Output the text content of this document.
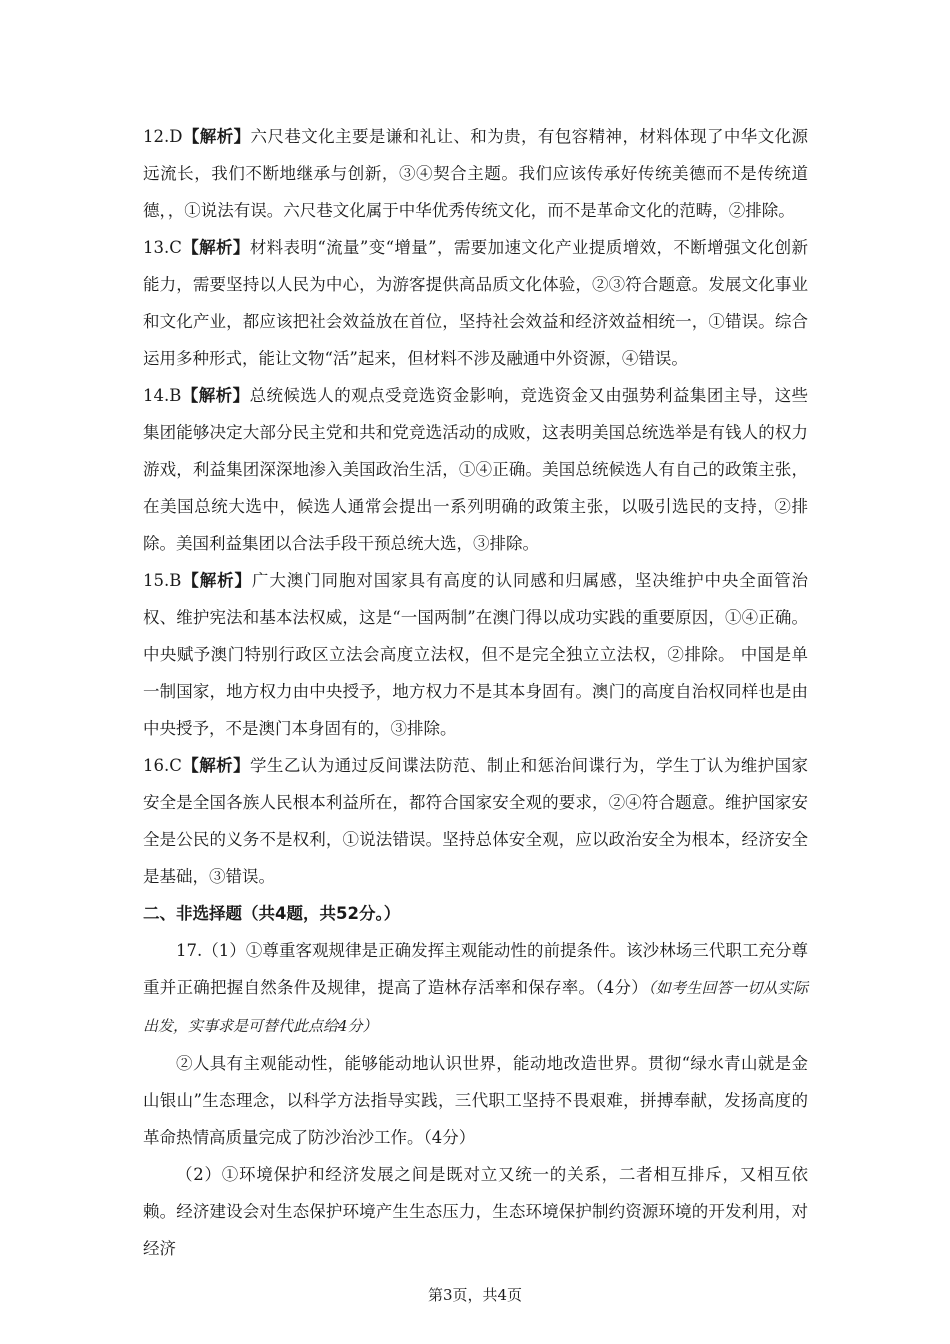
12.D【解析】六尺巷文化主要是谦和礼让、和为贵，有包容精神，材料体现了中华文化源远流长，我们不断地继承与创新，③④契合主题。我们应该传承好传统美德而不是传统道德，，①说法有误。六尺巷文化属于中华优秀传统文化，而不是革命文化的范畴，②排除。

13.C【解析】材料表明“流量”变“增量”，需要加速文化产业提质增效，不断增强文化创新能力，需要坚持以人民为中心，为游客提供高品质文化体验，②③符合题意。发展文化事业和文化产业，都应该把社会效益放在首位，坚持社会效益和经济效益相统一，①错误。综合运用多种形式，能让文物“活”起来，但材料不涉及融通中外资源，④错误。

14.B【解析】总统候选人的观点受竞选资金影响，竞选资金又由强势利益集团主导，这些集团能够决定大部分民主党和共和党竞选活动的成败，这表明美国总统选举是有钱人的权力游戏，利益集团深深地渗入美国政治生活，①④正确。美国总统候选人有自己的政策主张，在美国总统大选中，候选人通常会提出一系列明确的政策主张，以吸引选民的支持，②排除。美国利益集团以合法手段干预总统大选，③排除。

15.B【解析】广大澳门同胞对国家具有高度的认同感和归属感，坚决维护中央全面管治权、维护宪法和基本法权威，这是“一国两制”在澳门得以成功实践的重要原因，①④正确。 中央赋予澳门特别行政区立法会高度立法权，但不是完全独立立法权，②排除。 中国是单一制国家，地方权力由中央授予，地方权力不是其本身固有。澳门的高度自治权同样也是由中央授予，不是澳门本身固有的，③排除。

16.C【解析】学生乙认为通过反间谍法防范、制止和惩治间谍行为，学生丁认为维护国家安全是全国各族人民根本利益所在，都符合国家安全观的要求，②④符合题意。维护国家安全是公民的义务不是权利，①说法错误。坚持总体安全观，应以政治安全为根本，经济安全是基础，③错误。

二、非选择题（共4题，共52分。）

17.（1）①尊重客观规律是正确发挥主观能动性的前提条件。该沙林场三代职工充分尊重并正确把握自然条件及规律，提高了造林存活率和保存率。（4分）（如考生回答一切从实际出发，实事求是可替代此点给4分）

②人具有主观能动性，能够能动地认识世界，能动地改造世界。贯彻“绿水青山就是金山银山”生态理念，以科学方法指导实践，三代职工坚持不畏艰难，拼搏奉献，发扬高度的革命热情高质量完成了防沙治沙工作。（4分）

（2）①环境保护和经济发展之间是既对立又统一的关系，二者相互排斥，又相互依赖。经济建设会对生态保护环境产生生态压力，生态环境保护制约资源环境的开发利用，对经济

第3页，共4页
